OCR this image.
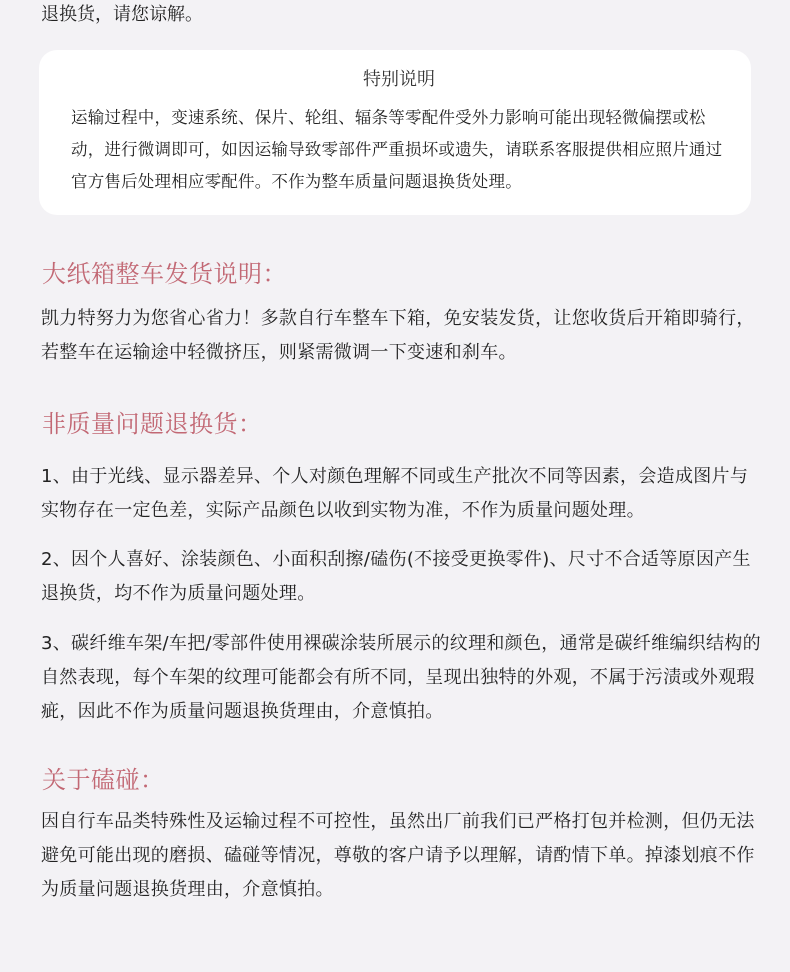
退换货，请您谅解。
特别说明
运输过程中，变速系统、保片、轮组、辐条等零配件受外力影响可能出现轻微偏摆或松动，进行微调即可，如因运输导致零部件严重损坏或遗失，请联系客服提供相应照片通过官方售后处理相应零配件。不作为整车质量问题退换货处理。
大纸箱整车发货说明：
凯力特努力为您省心省力！多款自行车整车下箱，免安装发货，让您收货后开箱即骑行，若整车在运输途中轻微挤压，则紧需微调一下变速和刹车。
非质量问题退换货：
1、由于光线、显示器差异、个人对颜色理解不同或生产批次不同等因素，会造成图片与实物存在一定色差，实际产品颜色以收到实物为准，不作为质量问题处理。
2、因个人喜好、涂装颜色、小面积刮擦/磕伤(不接受更换零件)、尺寸不合适等原因产生退换货，均不作为质量问题处理。
3、碳纤维车架/车把/零部件使用裸碳涂装所展示的纹理和颜色，通常是碳纤维编织结构的自然表现，每个车架的纹理可能都会有所不同，呈现出独特的外观，不属于污渍或外观瑕疵，因此不作为质量问题退换货理由，介意慎拍。
关于磕碰：
因自行车品类特殊性及运输过程不可控性，虽然出厂前我们已严格打包并检测，但仍无法避免可能出现的磨损、磕碰等情况，尊敬的客户请予以理解，请酌情下单。掉漆划痕不作为质量问题退换货理由，介意慎拍。
